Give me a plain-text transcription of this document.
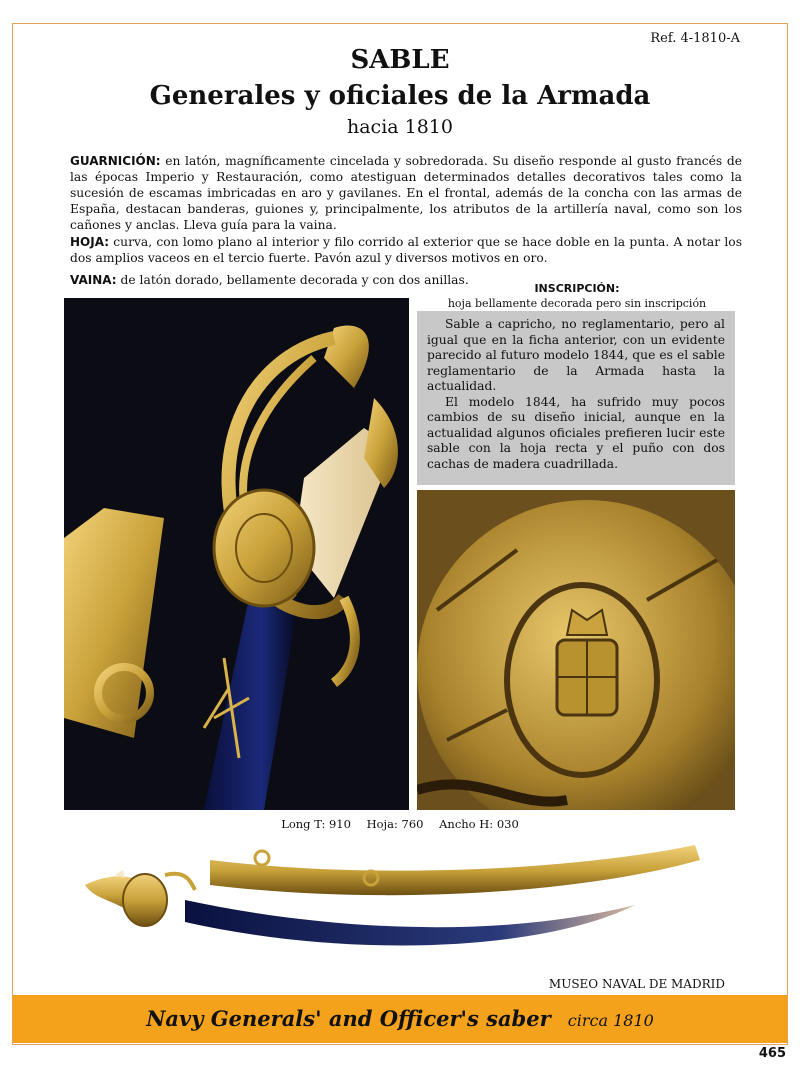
Ref. 4-1810-A
SABLE
Generales y oficiales de la Armada
hacia 1810
GUARNICIÓN: en latón, magníficamente cincelada y sobredorada. Su diseño responde al gusto francés de las épocas Imperio y Restauración, como atestiguan determinados detalles decorativos tales como la sucesión de escamas imbricadas en aro y gavilanes. En el frontal, además de la concha con las armas de España, destacan banderas, guiones y, principalmente, los atributos de la artillería naval, como son los cañones y anclas. Lleva guía para la vaina.
HOJA: curva, con lomo plano al interior y filo corrido al exterior que se hace doble en la punta. A notar los dos amplios vaceos en el tercio fuerte. Pavón azul y diversos motivos en oro.
VAINA: de latón dorado, bellamente decorada y con dos anillas.
INSCRIPCIÓN:
hoja bellamente decorada pero sin inscripción

Sable a capricho, no reglamentario, pero al igual que en la ficha anterior, con un evidente parecido al futuro modelo 1844, que es el sable reglamentario de la Armada hasta la actualidad.

El modelo 1844, ha sufrido muy pocos cambios de su diseño inicial, aunque en la actualidad algunos oficiales prefieren lucir este sable con la hoja recta y el puño con dos cachas de madera cuadrillada.

Long T: 910 Hoja: 760 Ancho H: 030
MUSEO NAVAL DE MADRID
Navy Generals' and Officer's saber circa 1810
465
